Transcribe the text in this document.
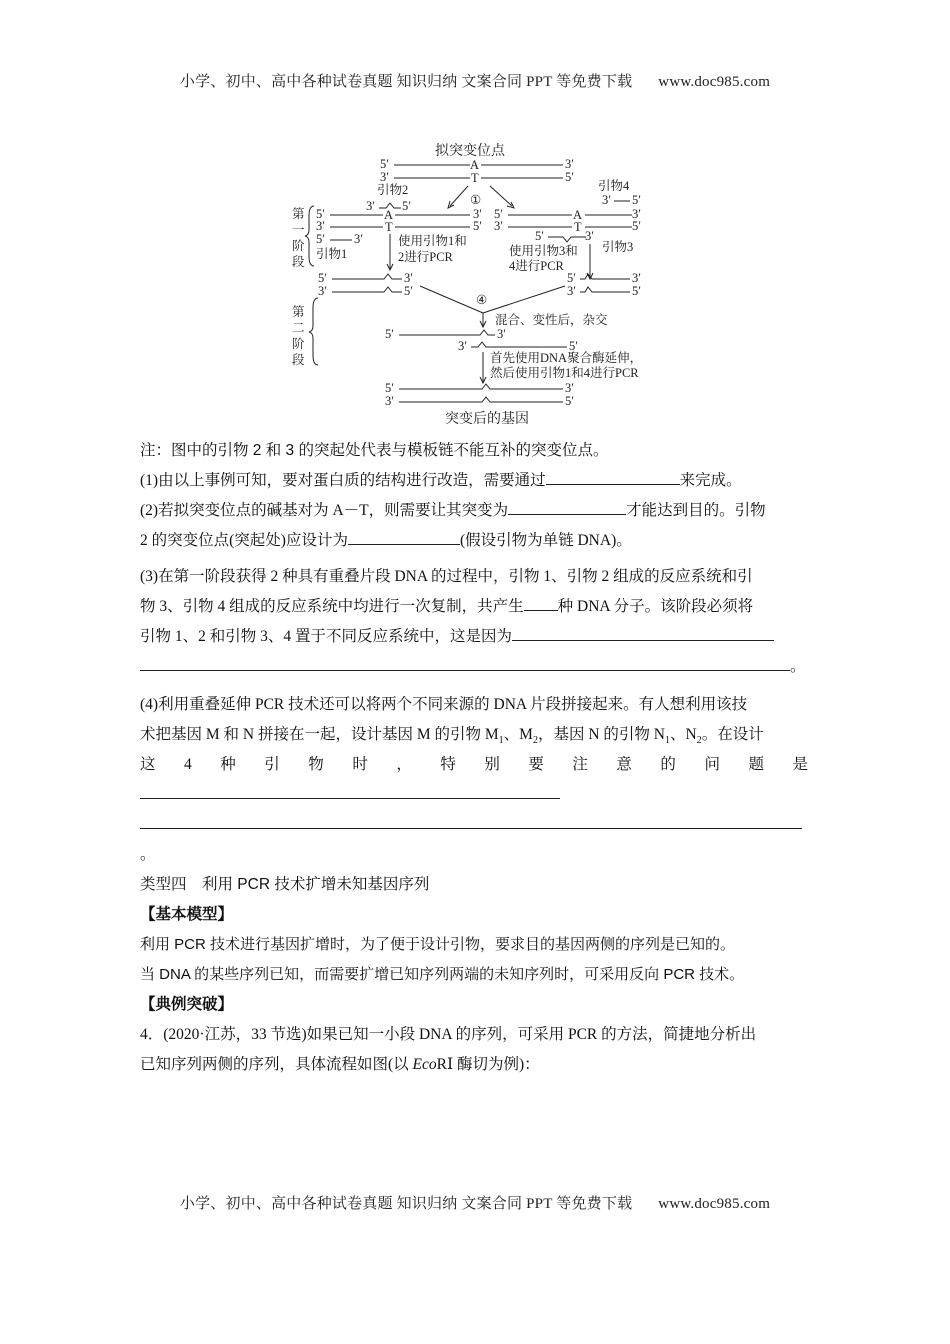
小学、初中、高中各种试卷真题 知识归纳 文案合同 PPT 等免费下载 www.doc985.com
拟突变位点
5′	A	3′
3′	T	5′
①
第
一
阶
段
引物2
3′ 5′
5′	A	3′
3′	T	5′
5′ 3′
引物1
使用引物1和
2进行PCR
引物4
3′ 5′
5′	A	3′
3′	T	5′
5′	3′
引物3
使用引物3和
4进行PCR
5′	3′
3′	5′
5′	3′
3′	5′
④
混合、变性后，杂交
第
二
阶
段
5′	3′
3′	5′
首先使用DNA聚合酶延伸，
然后使用引物1和4进行PCR
5′	3′
3′	5′
突变后的基因
注：图中的引物 2 和 3 的突起处代表与模板链不能互补的突变位点。
(1)由以上事例可知，要对蛋白质的结构进行改造，需要通过	来完成。
(2)若拟突变位点的碱基对为 A－T，则需要让其突变为	才能达到目的。引物
2 的突变位点(突起处)应设计为	(假设引物为单链 DNA)。
(3)在第一阶段获得 2 种具有重叠片段 DNA 的过程中，引物 1、引物 2 组成的反应系统和引
物 3、引物 4 组成的反应系统中均进行一次复制，共产生 种 DNA 分子。该阶段必须将
引物 1、2 和引物 3、4 置于不同反应系统中，这是因为
。
(4)利用重叠延伸 PCR 技术还可以将两个不同来源的 DNA 片段拼接起来。有人想利用该技
术把基因 M 和 N 拼接在一起，设计基因 M 的引物 $M_1$、$M_2$，基因 N 的引物 $N_1$、$N_2$。在设计
这 4 种 引 物 时 ， 特 别 要 注 意 的 问 题 是
。
类型四　利用 PCR 技术扩增未知基因序列
【基本模型】
利用 PCR 技术进行基因扩增时，为了便于设计引物，要求目的基因两侧的序列是已知的。
当 DNA 的某些序列已知，而需要扩增已知序列两端的未知序列时，可采用反向 PCR 技术。
【典例突破】
4．(2020·江苏，33 节选)如果已知一小段 DNA 的序列，可采用 PCR 的方法，简捷地分析出
已知序列两侧的序列，具体流程如图(以 EcoRⅠ 酶切为例)：
小学、初中、高中各种试卷真题 知识归纳 文案合同 PPT 等免费下载 www.doc985.com
